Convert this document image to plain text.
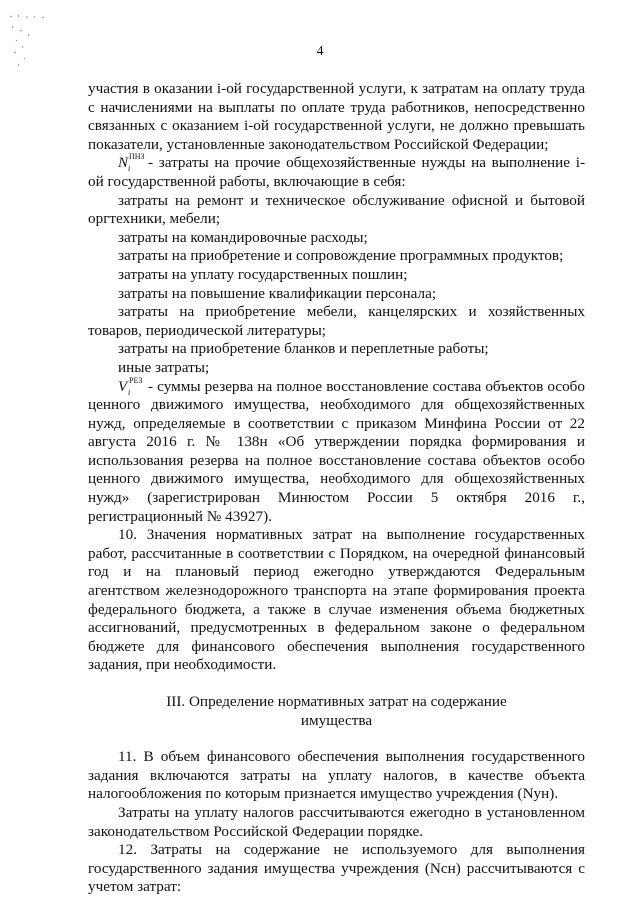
4

участия в оказании i-ой государственной услуги, к затратам на оплату труда с начислениями на выплаты по оплате труда работников, непосредственно связанных с оказанием i-ой государственной услуги, не должно превышать показатели, установленные законодательством Российской Федерации;

N ПНЗ
i - затраты на прочие общехозяйственные нужды на выполнение i-ой государственной работы, включающие в себя:

затраты на ремонт и техническое обслуживание офисной и бытовой оргтехники, мебели;

затраты на командировочные расходы;

затраты на приобретение и сопровождение программных продуктов;

затраты на уплату государственных пошлин;

затраты на повышение квалификации персонала;

затраты на приобретение мебели, канцелярских и хозяйственных товаров, периодической литературы;

затраты на приобретение бланков и переплетные работы;

иные затраты;

V РЕЗ
i - суммы резерва на полное восстановление состава объектов особо ценного движимого имущества, необходимого для общехозяйственных нужд, определяемые в соответствии с приказом Минфина России от 22 августа 2016 г. № 138н «Об утверждении порядка формирования и использования резерва на полное восстановление состава объектов особо ценного движимого имущества, необходимого для общехозяйственных нужд» (зарегистрирован Минюстом России 5 октября 2016 г., регистрационный № 43927).

10. Значения нормативных затрат на выполнение государственных работ, рассчитанные в соответствии с Порядком, на очередной финансовый год и на плановый период ежегодно утверждаются Федеральным агентством железнодорожного транспорта на этапе формирования проекта федерального бюджета, а также в случае изменения объема бюджетных ассигнований, предусмотренных в федеральном законе о федеральном бюджете для финансового обеспечения выполнения государственного задания, при необходимости.

III. Определение нормативных затрат на содержание
имущества

11. В объем финансового обеспечения выполнения государственного задания включаются затраты на уплату налогов, в качестве объекта налогообложения по которым признается имущество учреждения (Nун).

Затраты на уплату налогов рассчитываются ежегодно в установленном законодательством Российской Федерации порядке.

12. Затраты на содержание не используемого для выполнения государственного задания имущества учреждения (Nсн) рассчитываются с учетом затрат:
